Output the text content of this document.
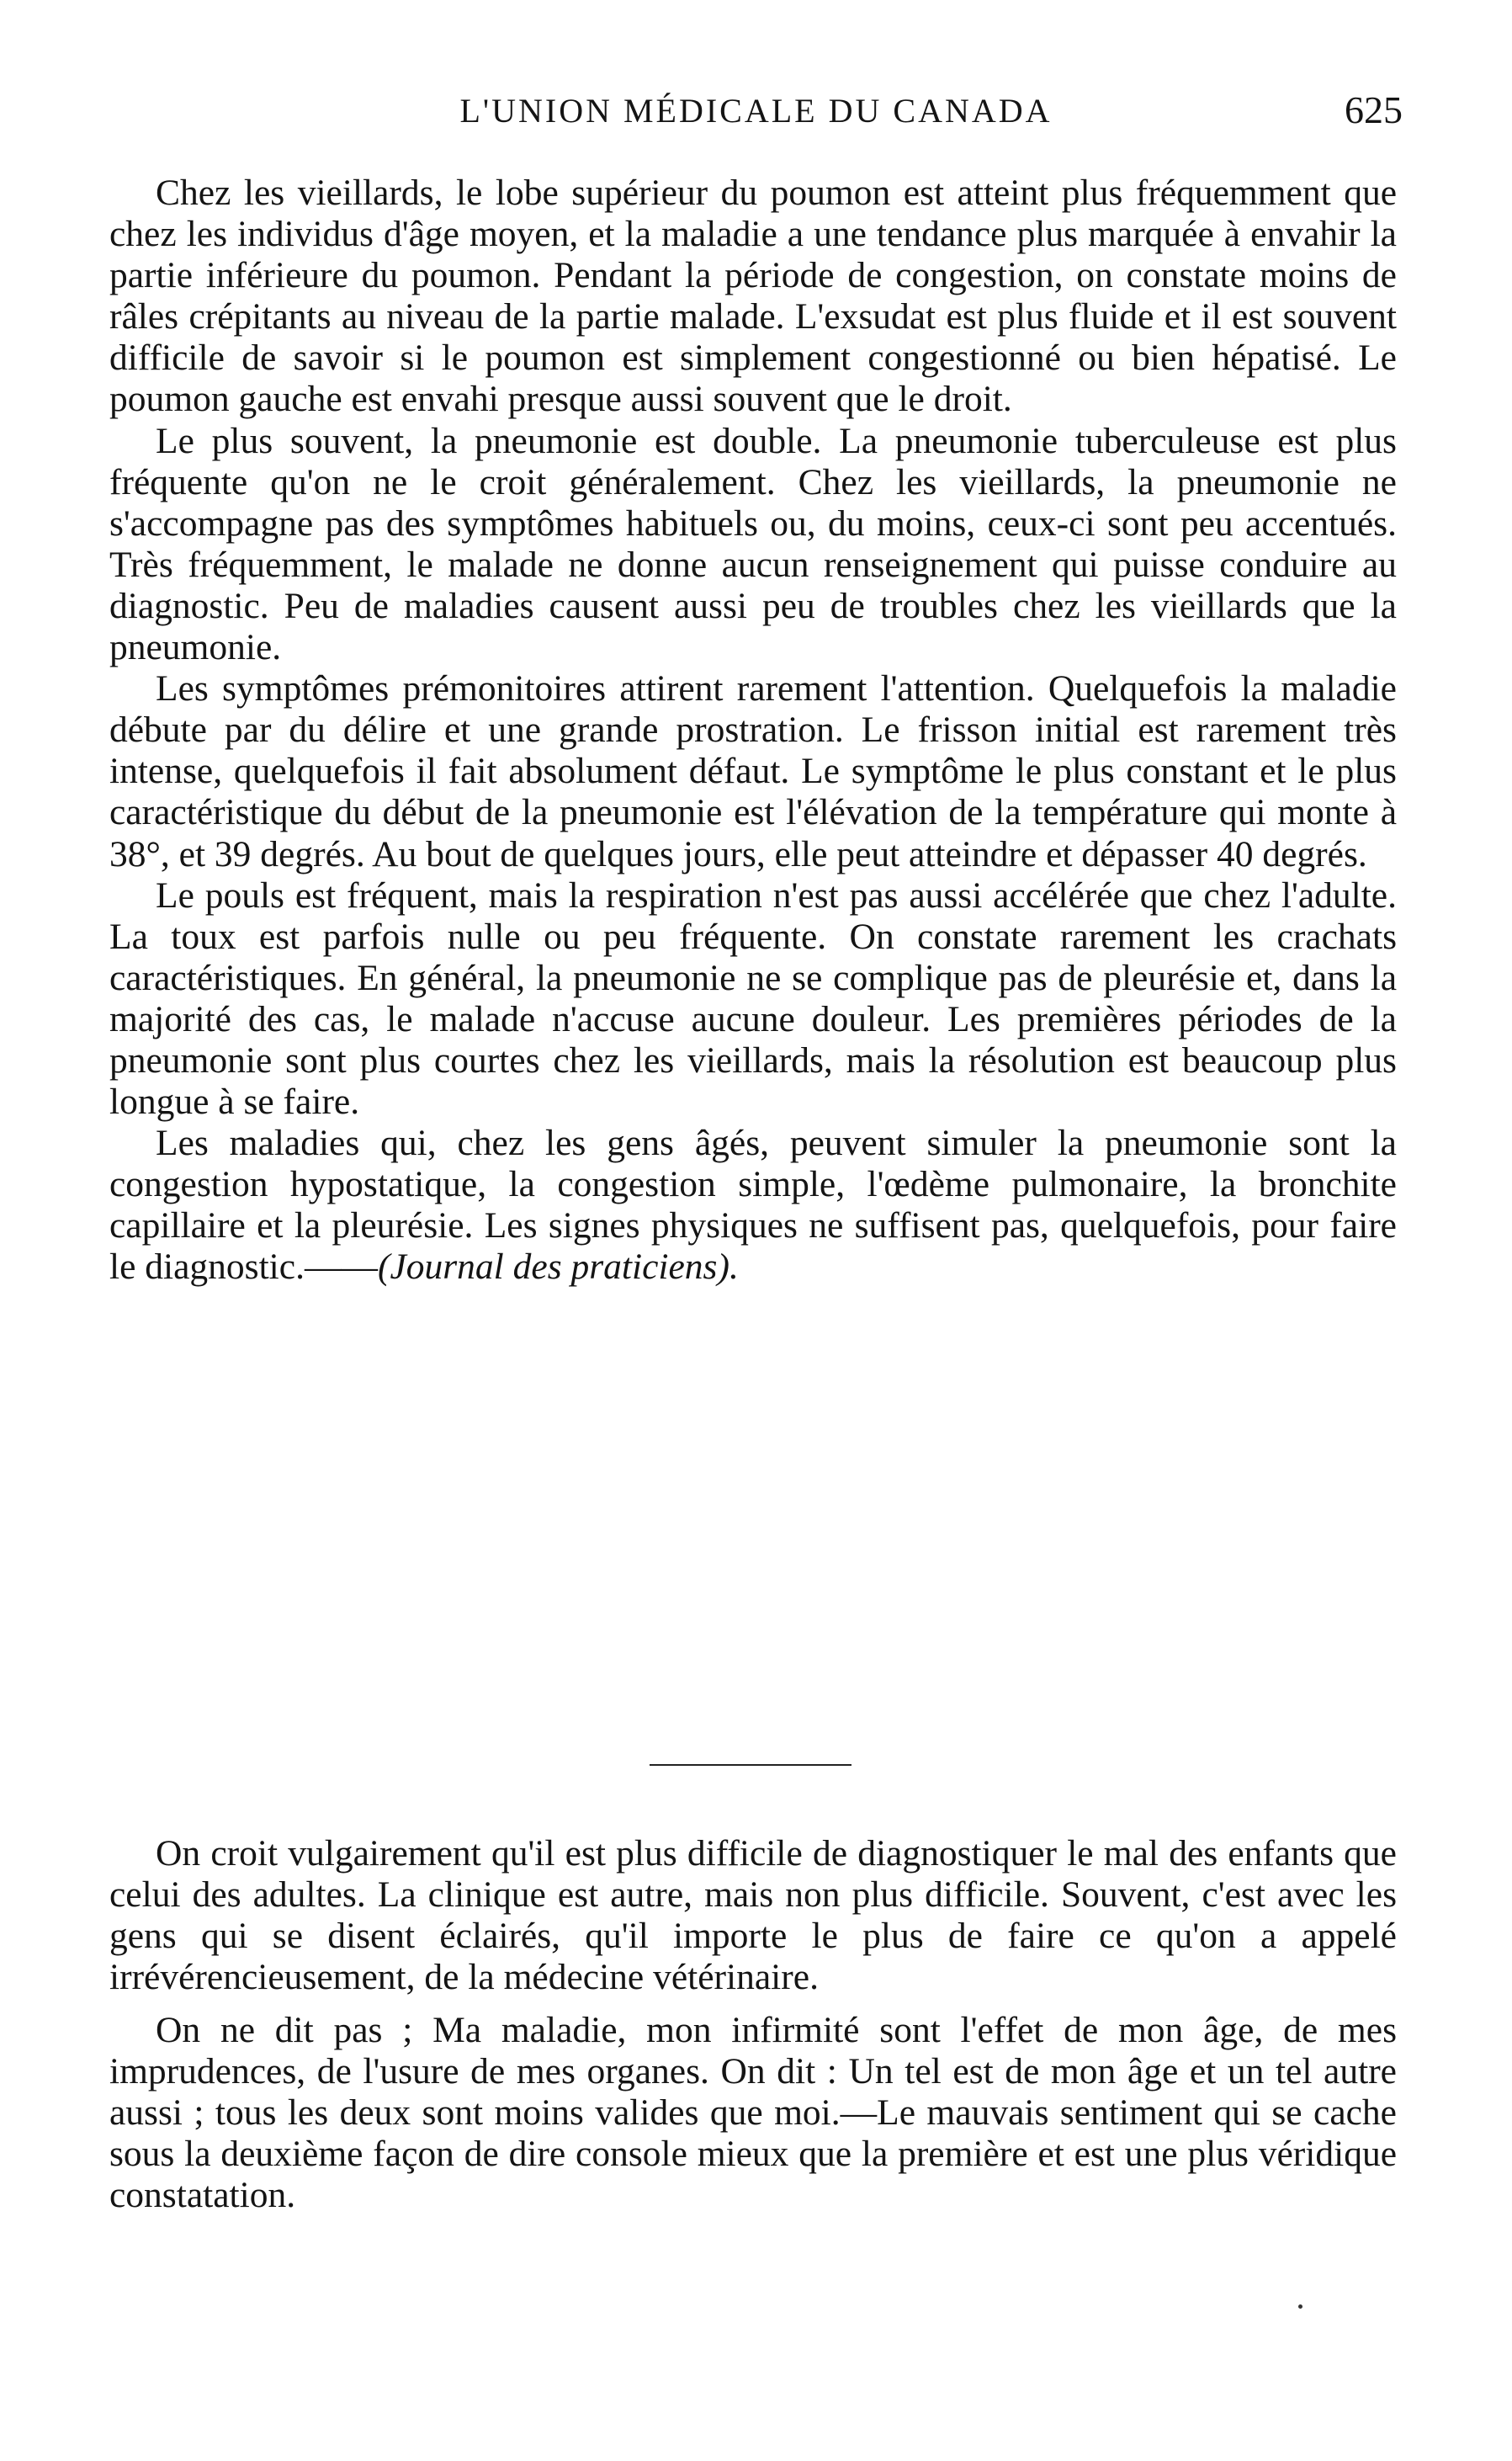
L'UNION MÉDICALE DU CANADA	625

Chez les vieillards, le lobe supérieur du poumon est atteint plus fréquemment que chez les individus d'âge moyen, et la maladie a une tendance plus marquée à envahir la partie inférieure du poumon. Pendant la période de congestion, on constate moins de râles crépitants au niveau de la partie malade. L'exsudat est plus fluide et il est souvent difficile de savoir si le poumon est simplement congestionné ou bien hépatisé. Le poumon gauche est envahi presque aussi souvent que le droit.

Le plus souvent, la pneumonie est double. La pneumonie tuberculeuse est plus fréquente qu'on ne le croit généralement. Chez les vieillards, la pneumonie ne s'accompagne pas des symptômes habituels ou, du moins, ceux-ci sont peu accentués. Très fréquemment, le malade ne donne aucun renseignement qui puisse conduire au diagnostic. Peu de maladies causent aussi peu de troubles chez les vieillards que la pneumonie.

Les symptômes prémonitoires attirent rarement l'attention. Quelquefois la maladie débute par du délire et une grande prostration. Le frisson initial est rarement très intense, quelquefois il fait absolument défaut. Le symptôme le plus constant et le plus caractéristique du début de la pneumonie est l'élévation de la température qui monte à 38°, et 39 degrés. Au bout de quelques jours, elle peut atteindre et dépasser 40 degrés.

Le pouls est fréquent, mais la respiration n'est pas aussi accélérée que chez l'adulte. La toux est parfois nulle ou peu fréquente. On constate rarement les crachats caractéristiques. En général, la pneumonie ne se complique pas de pleurésie et, dans la majorité des cas, le malade n'accuse aucune douleur. Les premières périodes de la pneumonie sont plus courtes chez les vieillards, mais la résolution est beaucoup plus longue à se faire.

Les maladies qui, chez les gens âgés, peuvent simuler la pneumonie sont la congestion hypostatique, la congestion simple, l'œdème pulmonaire, la bronchite capillaire et la pleurésie. Les signes physiques ne suffisent pas, quelquefois, pour faire le diagnostic.——(Journal des praticiens).

On croit vulgairement qu'il est plus difficile de diagnostiquer le mal des enfants que celui des adultes. La clinique est autre, mais non plus difficile. Souvent, c'est avec les gens qui se disent éclairés, qu'il importe le plus de faire ce qu'on a appelé irrévérencieusement, de la médecine vétérinaire.

On ne dit pas ; Ma maladie, mon infirmité sont l'effet de mon âge, de mes imprudences, de l'usure de mes organes. On dit : Un tel est de mon âge et un tel autre aussi ; tous les deux sont moins valides que moi.—Le mauvais sentiment qui se cache sous la deuxième façon de dire console mieux que la première et est une plus véridique constatation.
